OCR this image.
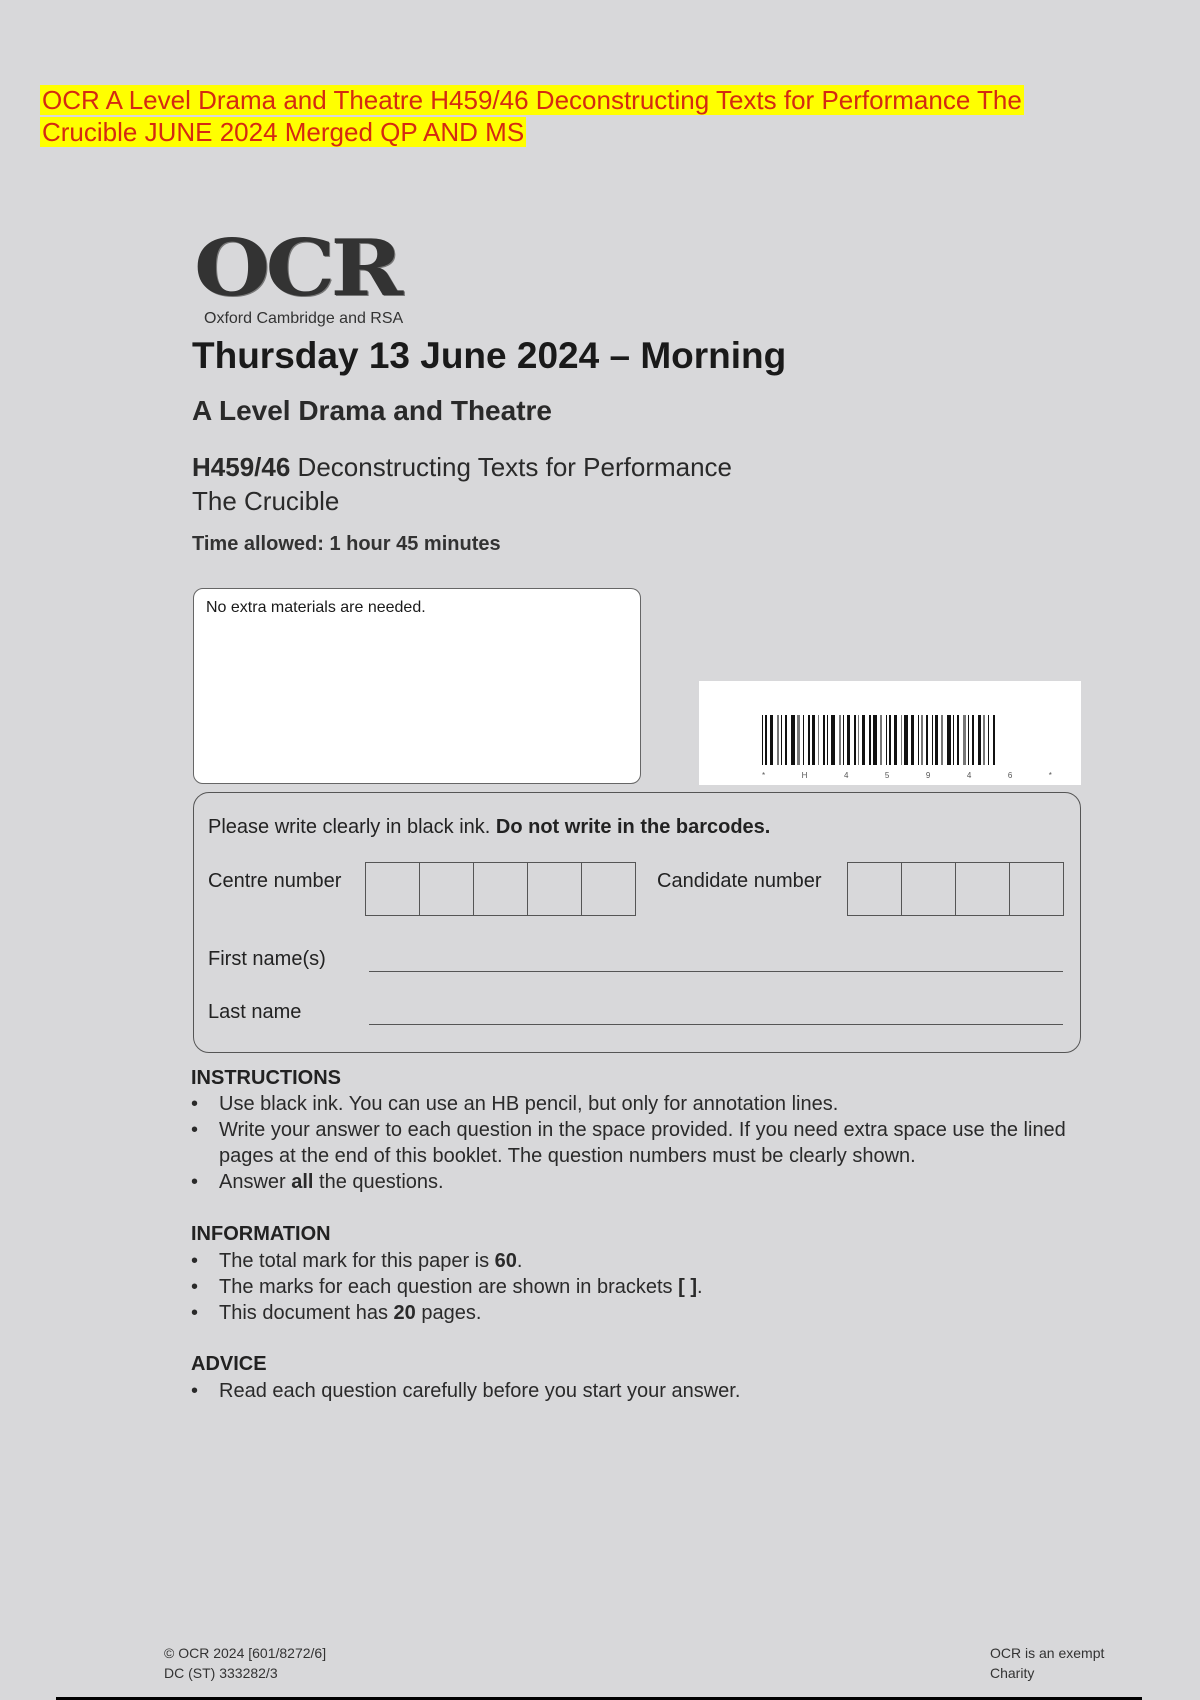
OCR A Level Drama and Theatre H459/46 Deconstructing Texts for Performance The
Crucible JUNE 2024 Merged QP AND MS
OCR
Oxford Cambridge and RSA
Thursday 13 June 2024 – Morning
A Level Drama and Theatre
H459/46 Deconstructing Texts for Performance
The Crucible
Time allowed: 1 hour 45 minutes
No extra materials are needed.
*	H	4	5	9	4	6	*
Please write clearly in black ink. Do not write in the barcodes.
Centre number	Candidate number
First name(s)
Last name
INSTRUCTIONS
• Use black ink. You can use an HB pencil, but only for annotation lines.
• Write your answer to each question in the space provided. If you need extra space use the lined pages at the end of this booklet. The question numbers must be clearly shown.
• Answer all the questions.
INFORMATION
• The total mark for this paper is 60.
• The marks for each question are shown in brackets [ ].
• This document has 20 pages.
ADVICE
• Read each question carefully before you start your answer.
© OCR 2024 [601/8272/6]
DC (ST) 333282/3
OCR is an exempt
Charity
